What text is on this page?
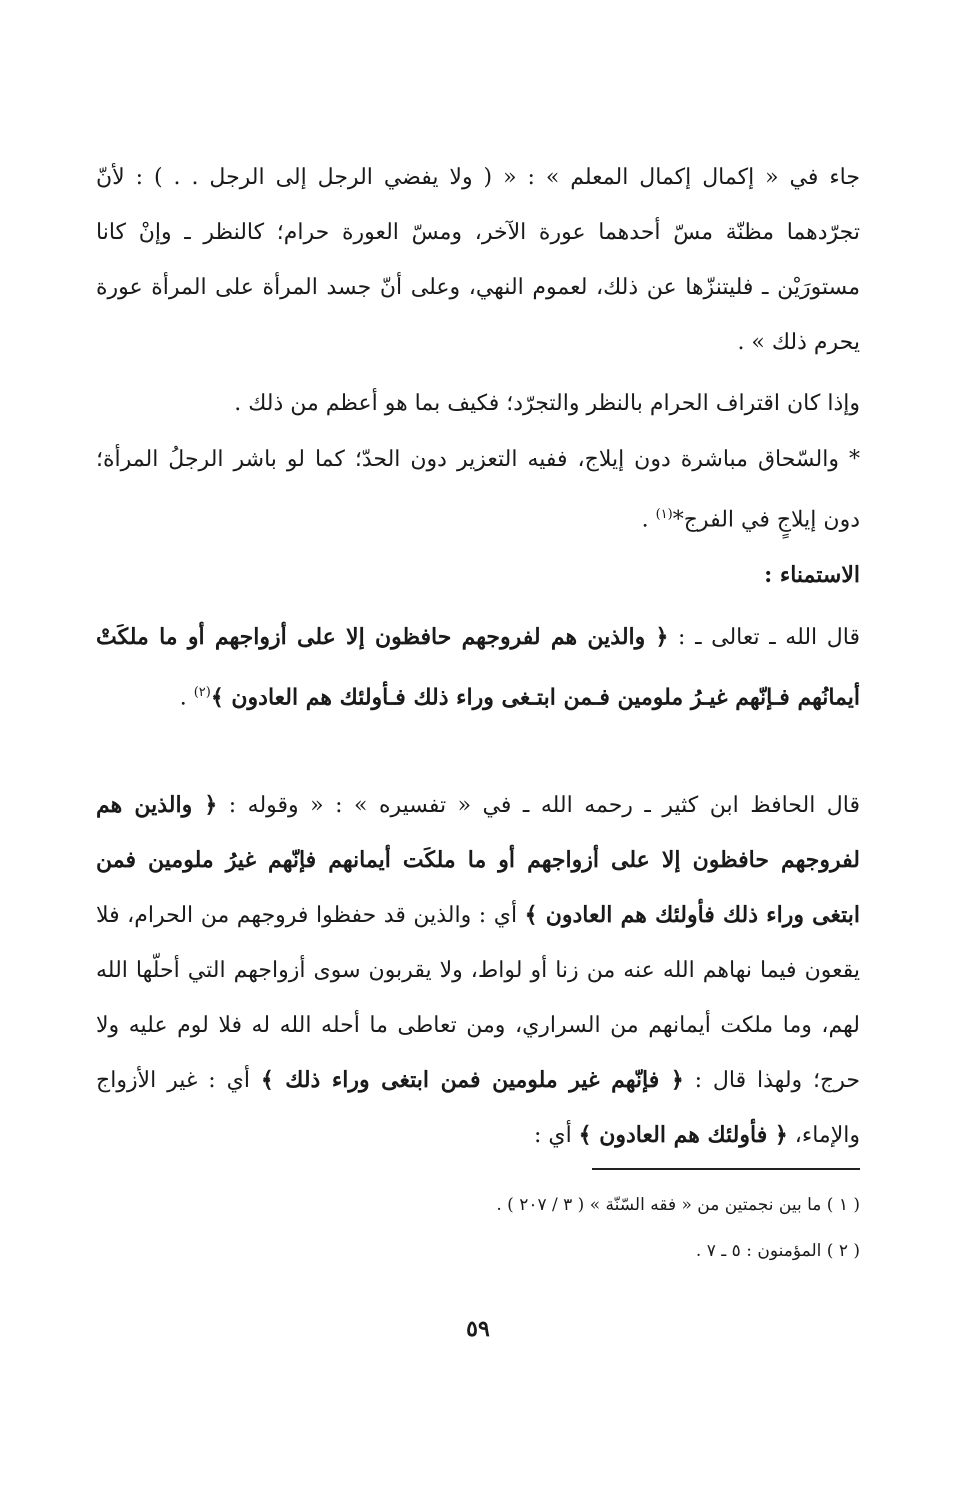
جاء في « إكمال إكمال المعلم » : « ( ولا يفضي الرجل إلى الرجل . . ) : لأنّ تجرّدهما مظنّة مسّ أحدهما عورة الآخر، ومسّ العورة حرام؛ كالنظر ـ وإنْ كانا مستورَيْن ـ فليتنزّها عن ذلك، لعموم النهي، وعلى أنّ جسد المرأة على المرأة عورة يحرم ذلك » .

وإذا كان اقتراف الحرام بالنظر والتجرّد؛ فكيف بما هو أعظم من ذلك .

* والسّحاق مباشرة دون إيلاج، ففيه التعزير دون الحدّ؛ كما لو باشر الرجلُ المرأة؛ دون إيلاجٍ في الفرج*$^{(١)}$ .

الاستمناء :

قال الله ـ تعالى ـ : ﴿ والذين هم لفروجهم حافظون إلا على أزواجهم أو ما ملكَتْ أيمانُهم فـإنّهم غيـرُ ملومين فـمن ابتـغى وراء ذلك فـأولئك هم العادون ﴾$^{(٢)}$ .

قال الحافظ ابن كثير ـ رحمه الله ـ في « تفسيره » : « وقوله : ﴿ والذين هم لفروجهم حافظون إلا على أزواجهم أو ما ملكَت أيمانهم فإنّهم غيرُ ملومين فمن ابتغى وراء ذلك فأولئك هم العادون ﴾ أي : والذين قد حفظوا فروجهم من الحرام، فلا يقعون فيما نهاهم الله عنه من زنا أو لواط، ولا يقربون سوى أزواجهم التي أحلّها الله لهم، وما ملكت أيمانهم من السراري، ومن تعاطى ما أحله الله له فلا لوم عليه ولا حرج؛ ولهذا قال : ﴿ فإنّهم غير ملومين فمن ابتغى وراء ذلك ﴾ أي : غير الأزواج والإماء، ﴿ فأولئك هم العادون ﴾ أي :

( ١ ) ما بين نجمتين من « فقه السّنّة » ( ٣ / ٢٠٧ ) .
( ٢ ) المؤمنون : ٥ ـ ٧ .
٥٩
